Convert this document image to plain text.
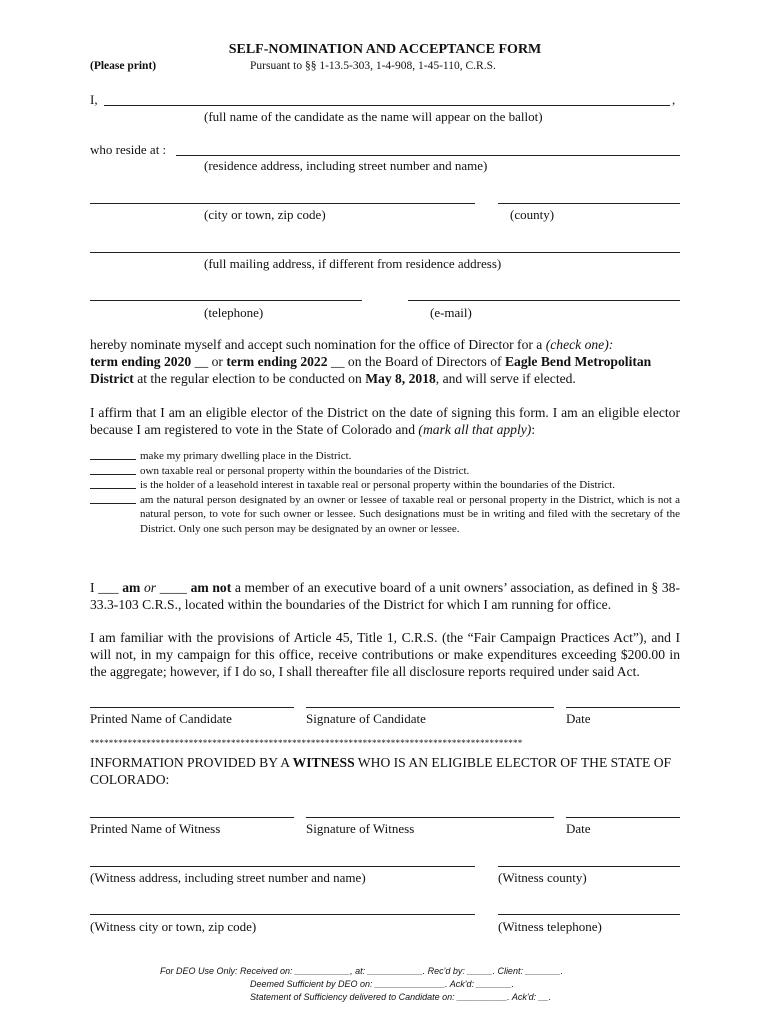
SELF-NOMINATION AND ACCEPTANCE FORM
(Please print)	Pursuant to §§ 1-13.5-303, 1-4-908, 1-45-110, C.R.S.
I,	,
(full name of the candidate as the name will appear on the ballot)
who reside at :
(residence address, including street number and name)
(city or town, zip code)	(county)
(full mailing address, if different from residence address)
(telephone)	(e-mail)
hereby nominate myself and accept such nomination for the office of Director for a (check one):
term ending 2020 __ or term ending 2022 __ on the Board of Directors of Eagle Bend Metropolitan District at the regular election to be conducted on May 8, 2018, and will serve if elected.
I affirm that I am an eligible elector of the District on the date of signing this form. I am an eligible elector because I am registered to vote in the State of Colorado and (mark all that apply):
make my primary dwelling place in the District.
own taxable real or personal property within the boundaries of the District.
is the holder of a leasehold interest in taxable real or personal property within the boundaries of the District.
am the natural person designated by an owner or lessee of taxable real or personal property in the District, which is not a natural person, to vote for such owner or lessee. Such designations must be in writing and filed with the secretary of the District. Only one such person may be designated by an owner or lessee.
I ___ am or ____ am not a member of an executive board of a unit owners’ association, as defined in § 38-33.3-103 C.R.S., located within the boundaries of the District for which I am running for office.
I am familiar with the provisions of Article 45, Title 1, C.R.S. (the “Fair Campaign Practices Act”), and I will not, in my campaign for this office, receive contributions or make expenditures exceeding $200.00 in the aggregate; however, if I do so, I shall thereafter file all disclosure reports required under said Act.
Printed Name of Candidate	Signature of Candidate	Date
********************************************************************************************
INFORMATION PROVIDED BY A WITNESS WHO IS AN ELIGIBLE ELECTOR OF THE STATE OF COLORADO:
Printed Name of Witness	Signature of Witness	Date
(Witness address, including street number and name)	(Witness county)
(Witness city or town, zip code)	(Witness telephone)
For DEO Use Only: Received on: ___________, at: ___________. Rec'd by: _____. Client: _______.
Deemed Sufficient by DEO on: ______________. Ack'd: _______.
Statement of Sufficiency delivered to Candidate on: __________. Ack'd: __.
